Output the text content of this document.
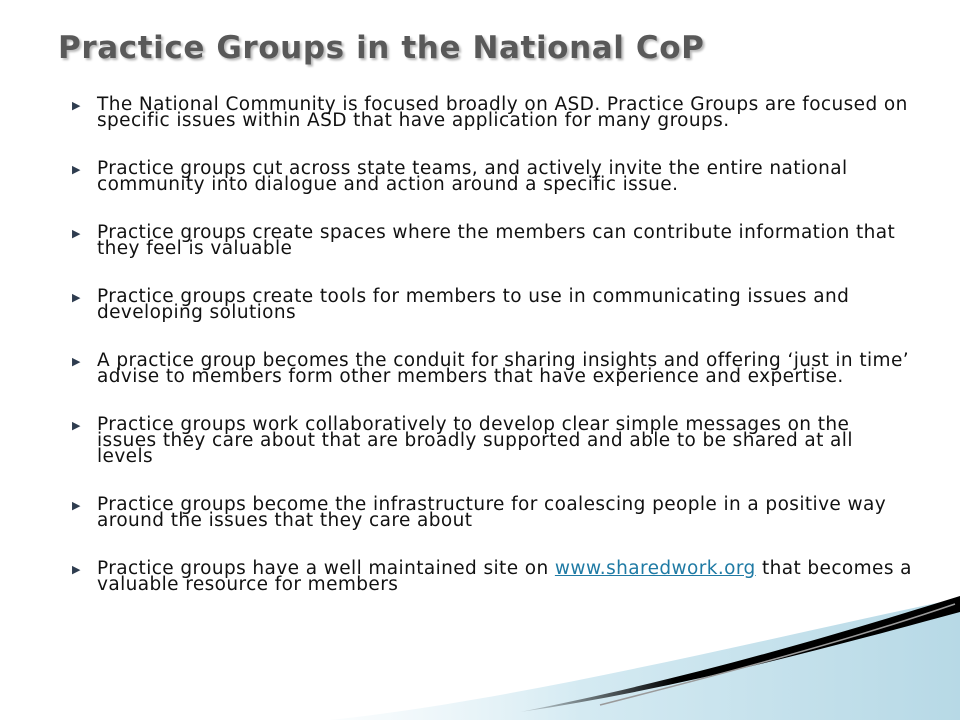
Practice Groups in the National CoP
▶ The National Community is focused broadly on ASD. Practice Groups are focused on specific issues within ASD that have application for many groups.
▶ Practice groups cut across state teams, and actively invite the entire national community into dialogue and action around a specific issue.
▶ Practice groups create spaces where the members can contribute information that they feel is valuable
▶ Practice groups create tools for members to use in communicating issues and developing solutions
▶ A practice group becomes the conduit for sharing insights and offering ‘just in time’ advise to members form other members that have experience and expertise.
▶ Practice groups work collaboratively to develop clear simple messages on the issues they care about that are broadly supported and able to be shared at all levels
▶ Practice groups become the infrastructure for coalescing people in a positive way around the issues that they care about
▶ Practice groups have a well maintained site on www.sharedwork.org that becomes a valuable resource for members
